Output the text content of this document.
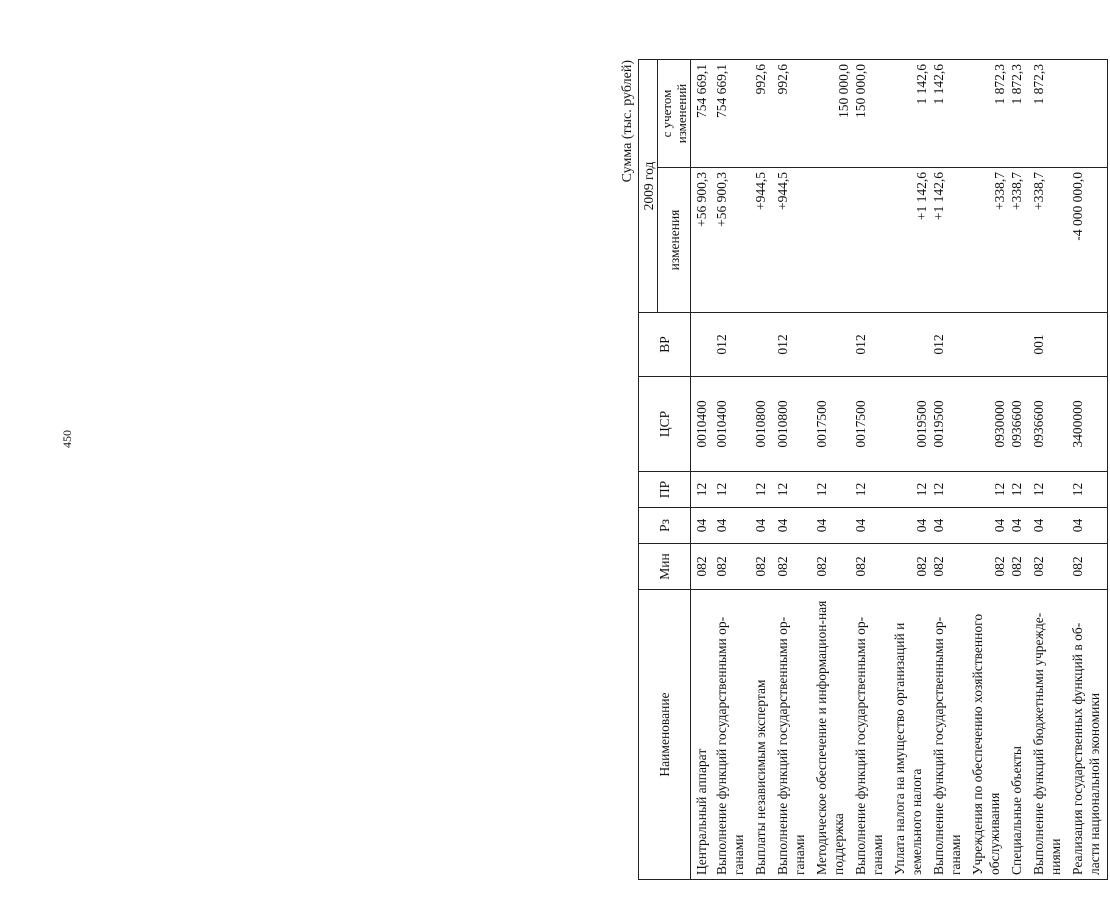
450
Сумма (тыс. рублей)
Наименование	Мин	Рз	ПР	ЦСР	ВР	2009 год	
						изменения	с учетом изменений
Центральный аппарат	082	04	12	0010400		+56 900,3	754 669,1
Выполнение функций государственными ор-ганами	082	04	12	0010400	012	+56 900,3	754 669,1
Выплаты независимым экспертам	082	04	12	0010800		+944,5	992,6
Выполнение функций государственными ор-ганами	082	04	12	0010800	012	+944,5	992,6
Методическое обеспечение и информацион-ная поддержка	082	04	12	0017500			150 000,0
Выполнение функций государственными ор-ганами	082	04	12	0017500	012		150 000,0
Уплата налога на имущество организаций и земельного налога	082	04	12	0019500		+1 142,6	1 142,6
Выполнение функций государственными ор-ганами	082	04	12	0019500	012	+1 142,6	1 142,6
Учреждения по обеспечению хозяйственного обслуживания	082	04	12	0930000		+338,7	1 872,3
Специальные объекты	082	04	12	0936600		+338,7	1 872,3
Выполнение функций бюджетными учрежде-ниями	082	04	12	0936600	001	+338,7	1 872,3
Реализация государственных функций в об-ласти национальной экономики	082	04	12	3400000		-4 000 000,0	
